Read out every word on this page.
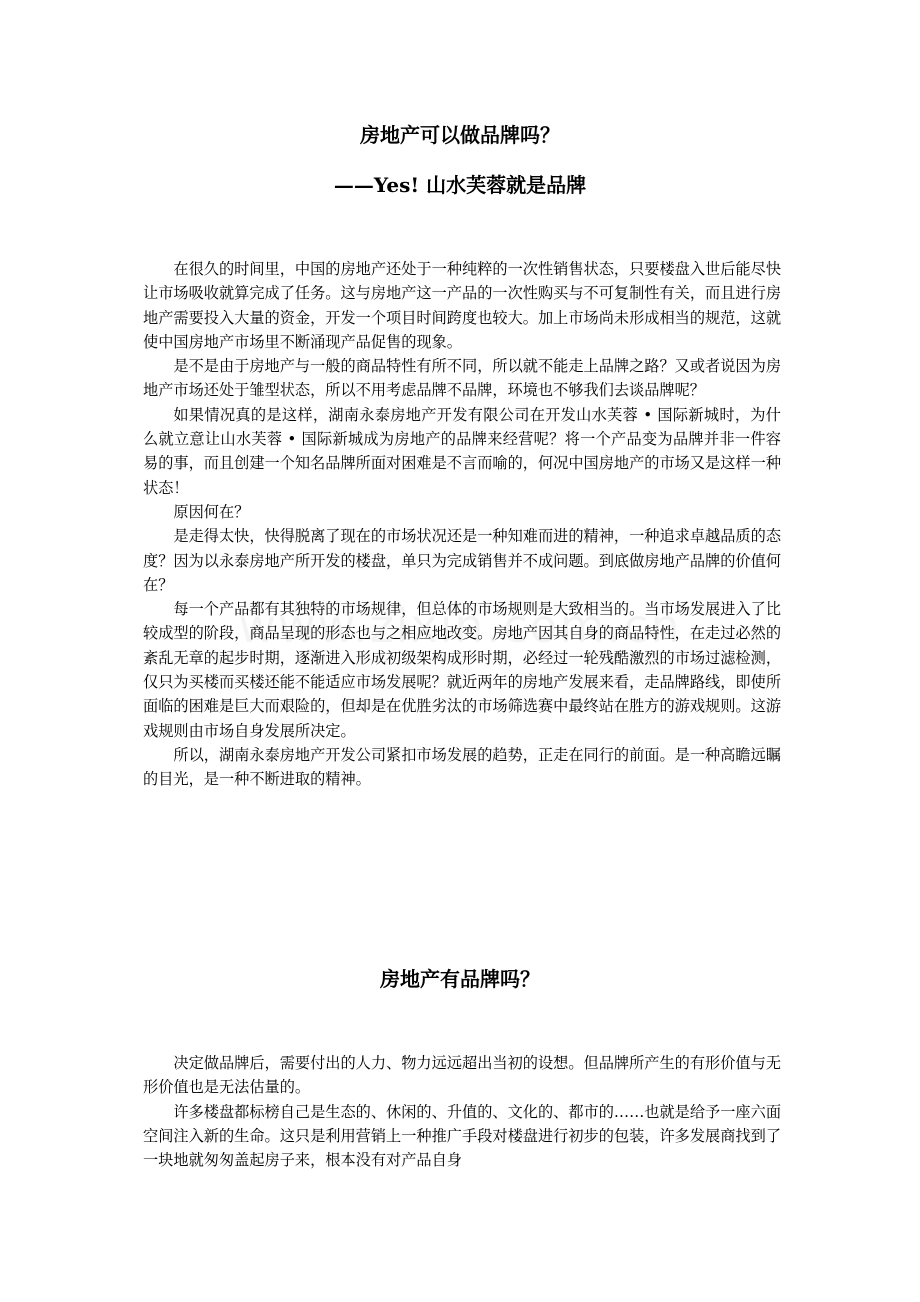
房地产可以做品牌吗？
——Yes! 山水芙蓉就是品牌

在很久的时间里，中国的房地产还处于一种纯粹的一次性销售状态，只要楼盘入世后能尽快让市场吸收就算完成了任务。这与房地产这一产品的一次性购买与不可复制性有关，而且进行房地产需要投入大量的资金，开发一个项目时间跨度也较大。加上市场尚未形成相当的规范，这就使中国房地产市场里不断涌现产品促售的现象。

是不是由于房地产与一般的商品特性有所不同，所以就不能走上品牌之路？又或者说因为房地产市场还处于雏型状态，所以不用考虑品牌不品牌，环境也不够我们去谈品牌呢？

如果情况真的是这样，湖南永泰房地产开发有限公司在开发山水芙蓉 • 国际新城时，为什么就立意让山水芙蓉 • 国际新城成为房地产的品牌来经营呢？将一个产品变为品牌并非一件容易的事，而且创建一个知名品牌所面对困难是不言而喻的，何况中国房地产的市场又是这样一种状态！

原因何在？

是走得太快，快得脱离了现在的市场状况还是一种知难而进的精神，一种追求卓越品质的态度？因为以永泰房地产所开发的楼盘，单只为完成销售并不成问题。到底做房地产品牌的价值何在？

每一个产品都有其独特的市场规律，但总体的市场规则是大致相当的。当市场发展进入了比较成型的阶段，商品呈现的形态也与之相应地改变。房地产因其自身的商品特性，在走过必然的紊乱无章的起步时期，逐渐进入形成初级架构成形时期，必经过一轮残酷激烈的市场过滤检测，仅只为买楼而买楼还能不能适应市场发展呢？就近两年的房地产发展来看，走品牌路线，即使所面临的困难是巨大而艰险的，但却是在优胜劣汰的市场筛选赛中最终站在胜方的游戏规则。这游戏规则由市场自身发展所决定。

所以，湖南永泰房地产开发公司紧扣市场发展的趋势，正走在同行的前面。是一种高瞻远瞩的目光，是一种不断进取的精神。

房地产有品牌吗？

决定做品牌后，需要付出的人力、物力远远超出当初的设想。但品牌所产生的有形价值与无形价值也是无法估量的。

许多楼盘都标榜自己是生态的、休闲的、升值的、文化的、都市的……也就是给予一座六面空间注入新的生命。这只是利用营销上一种推广手段对楼盘进行初步的包装，许多发展商找到了一块地就匆匆盖起房子来，根本没有对产品自身
